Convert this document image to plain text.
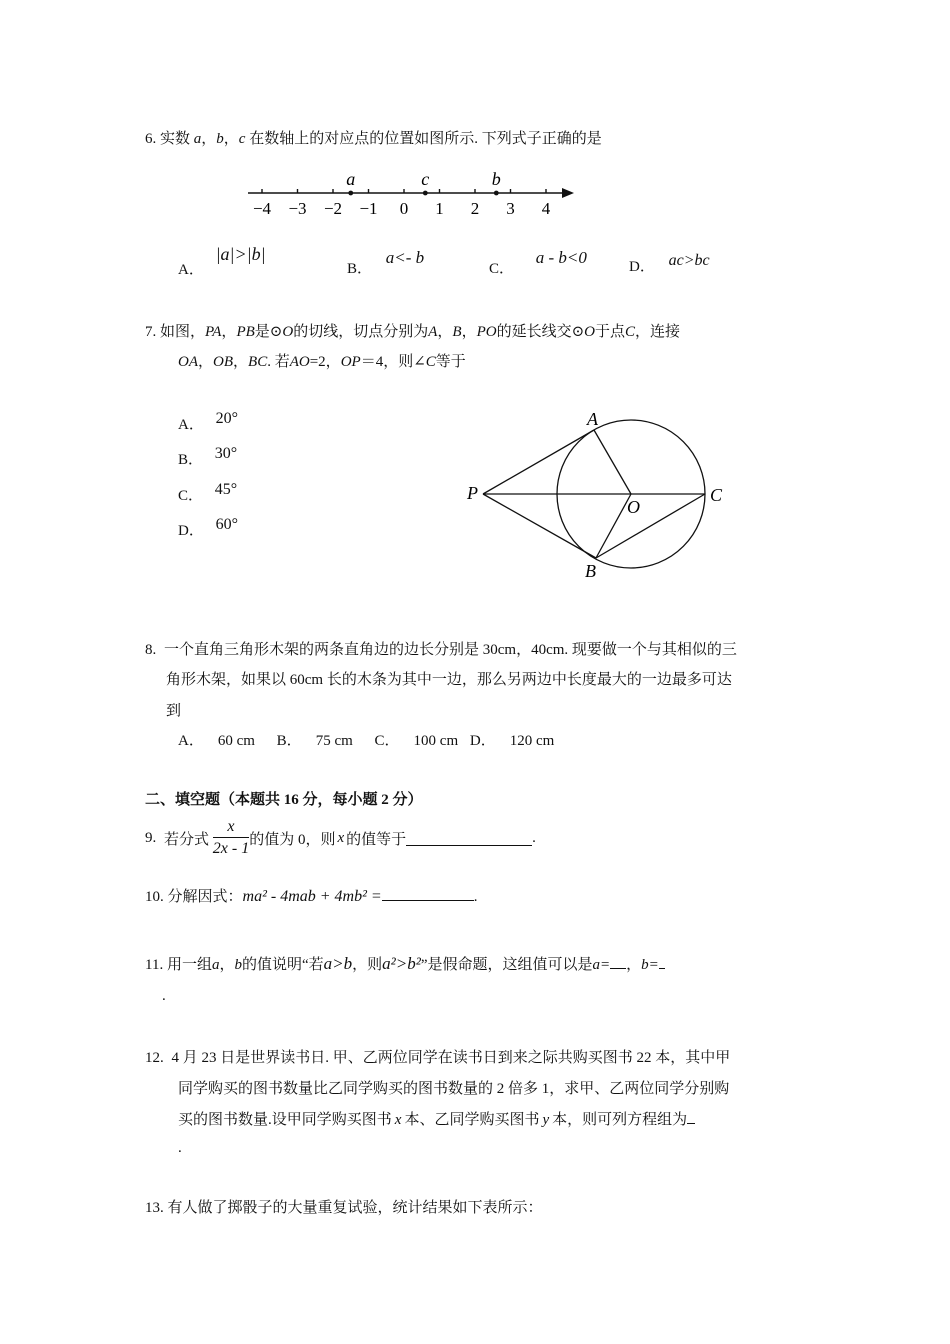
6. 实数 a，b，c 在数轴上的对应点的位置如图所示. 下列式子正确的是
−4 −3 −2 −1 0 1 2 3 4
a	c	b
A． |a|>|b|
B． a<- b
C． a - b<0	D． ac>bc
7. 如图，PA，PB是⊙O的切线，切点分别为A，B，PO的延长线交⊙O于点C，连接
OA，OB，BC. 若AO=2，OP＝4，则∠C等于
A． 20°
B． 30°
C． 45°
D． 60°
P
A
O
C
B
8. 一个直角三角形木架的两条直角边的边长分别是 30cm，40cm. 现要做一个与其相似的三
角形木架，如果以 60cm 长的木条为其中一边，那么另两边中长度最大的一边最多可达
到
A． 60 cm B． 75 cm C． 100 cm D． 120 cm
二、填空题（本题共 16 分，每小题 2 分）
9. 若分式 $\frac{x}{2x - 1}$ 的值为 0，则 x 的值等于	.
10. 分解因式：ma² - 4mab + 4mb² =	.
11. 用一组a，b的值说明“若a>b，则a²>b²”是假命题，这组值可以是a= ，b=
.
12. 4 月 23 日是世界读书日. 甲、乙两位同学在读书日到来之际共购买图书 22 本，其中甲
同学购买的图书数量比乙同学购买的图书数量的 2 倍多 1，求甲、乙两位同学分别购
买的图书数量.设甲同学购买图书 x 本、乙同学购买图书 y 本，则可列方程组为
.
13. 有人做了掷骰子的大量重复试验，统计结果如下表所示：
